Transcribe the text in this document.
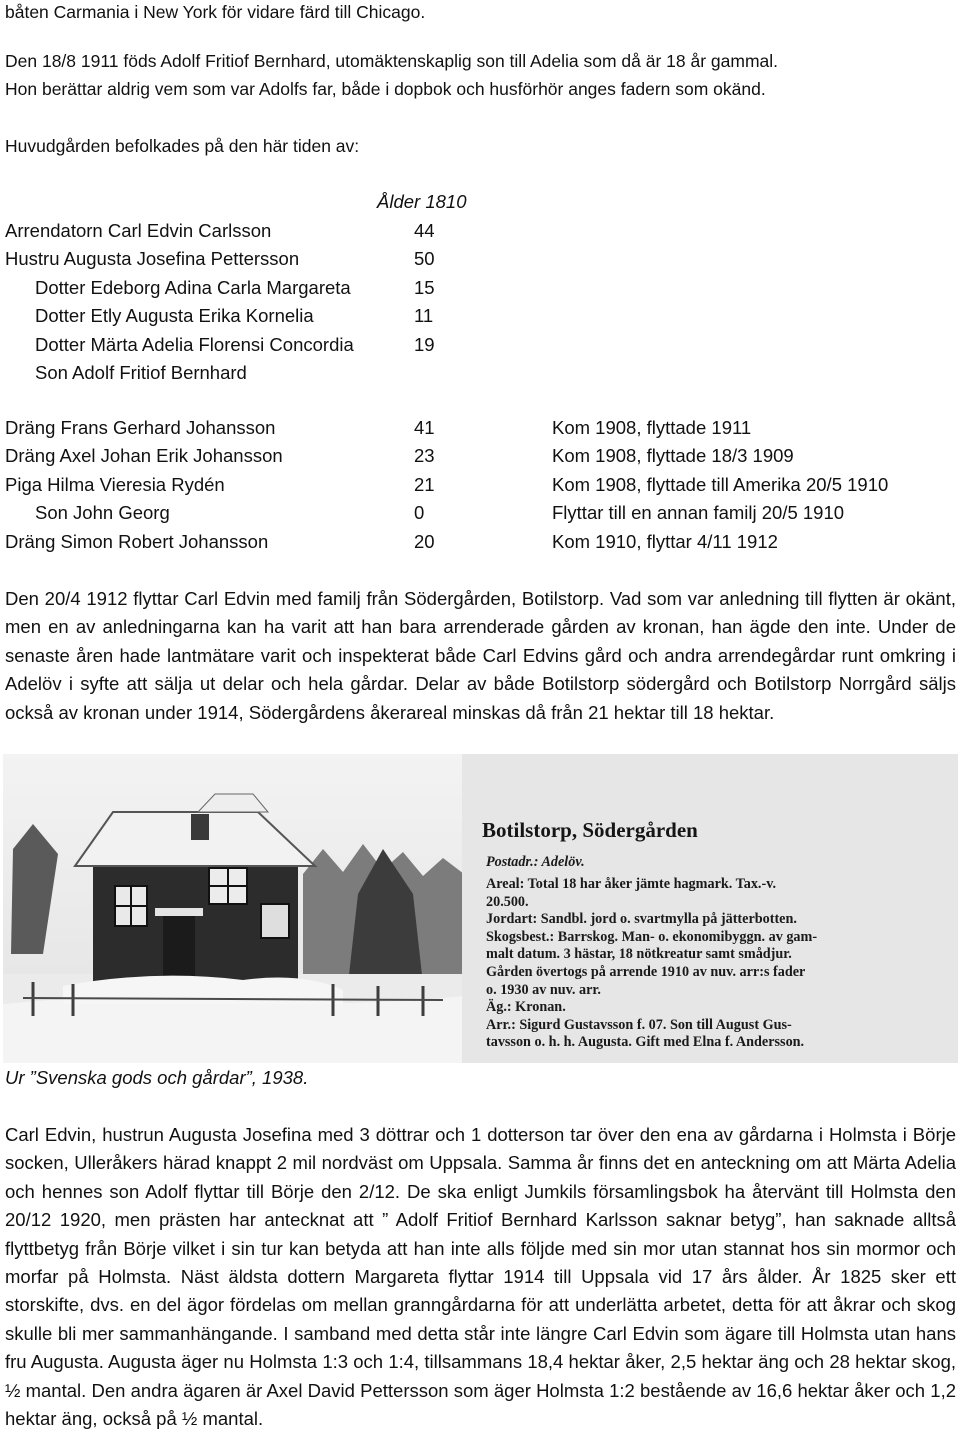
båten Carmania i New York för vidare färd till Chicago.
Den 18/8 1911 föds Adolf Fritiof Bernhard, utomäktenskaplig son till Adelia som då är 18 år gammal.
Hon berättar aldrig vem som var Adolfs far, både i dopbok och husförhör anges fadern som okänd.
Huvudgården befolkades på den här tiden av:
Ålder 1810
Arrendatorn Carl Edvin Carlsson	44
Hustru Augusta Josefina Pettersson	50
Dotter Edeborg Adina Carla Margareta	15
Dotter Etly Augusta Erika Kornelia	11
Dotter Märta Adelia Florensi Concordia	19
Son Adolf Fritiof Bernhard
Dräng Frans Gerhard Johansson	41	Kom 1908, flyttade 1911
Dräng Axel Johan Erik Johansson	23	Kom 1908, flyttade 18/3 1909
Piga Hilma Vieresia Rydén	21	Kom 1908, flyttade till Amerika 20/5 1910
Son John Georg	0	Flyttar till en annan familj 20/5 1910
Dräng Simon Robert Johansson	20	Kom 1910, flyttar 4/11 1912

Den 20/4 1912 flyttar Carl Edvin med familj från Södergården, Botilstorp. Vad som var anledning till flytten är okänt, men en av anledningarna kan ha varit att han bara arrenderade gården av kronan, han ägde den inte. Under de senaste åren hade lantmätare varit och inspekterat både Carl Edvins gård och andra arrendegårdar runt omkring i Adelöv i syfte att sälja ut delar och hela gårdar. Delar av både Botilstorp södergård och Botilstorp Norrgård säljs också av kronan under 1914, Södergårdens åkerareal minskas då från 21 hektar till 18 hektar.

Botilstorp, Södergården
Postadr.: Adelöv.
Areal: Total 18 har åker jämte hagmark. Tax.-v.
20.500.
Jordart: Sandbl. jord o. svartmylla på jätterbotten.
Skogsbest.: Barrskog. Man- o. ekonomibyggn. av gam-
malt datum. 3 hästar, 18 nötkreatur samt smådjur.
Gården övertogs på arrende 1910 av nuv. arr:s fader
o. 1930 av nuv. arr.
Äg.: Kronan.
Arr.: Sigurd Gustavsson f. 07. Son till August Gus-
tavsson o. h. h. Augusta. Gift med Elna f. Andersson.
Ur ”Svenska gods och gårdar”, 1938.

Carl Edvin, hustrun Augusta Josefina med 3 döttrar och 1 dotterson tar över den ena av gårdarna i Holmsta i Börje socken, Ulleråkers härad knappt 2 mil nordväst om Uppsala. Samma år finns det en anteckning om att Märta Adelia och hennes son Adolf flyttar till Börje den 2/12. De ska enligt Jumkils församlingsbok ha återvänt till Holmsta den 20/12 1920, men prästen har antecknat att ” Adolf Fritiof Bernhard Karlsson saknar betyg”, han saknade alltså flyttbetyg från Börje vilket i sin tur kan betyda att han inte alls följde med sin mor utan stannat hos sin mormor och morfar på Holmsta. Näst äldsta dottern Margareta flyttar 1914 till Uppsala vid 17 års ålder. År 1825 sker ett storskifte, dvs. en del ägor fördelas om mellan granngårdarna för att underlätta arbetet, detta för att åkrar och skog skulle bli mer sammanhängande. I samband med detta står inte längre Carl Edvin som ägare till Holmsta utan hans fru Augusta. Augusta äger nu Holmsta 1:3 och 1:4, tillsammans 18,4 hektar åker, 2,5 hektar äng och 28 hektar skog, ½ mantal. Den andra ägaren är Axel David Pettersson som äger Holmsta 1:2 bestående av 16,6 hektar åker och 1,2 hektar äng, också på ½ mantal.
